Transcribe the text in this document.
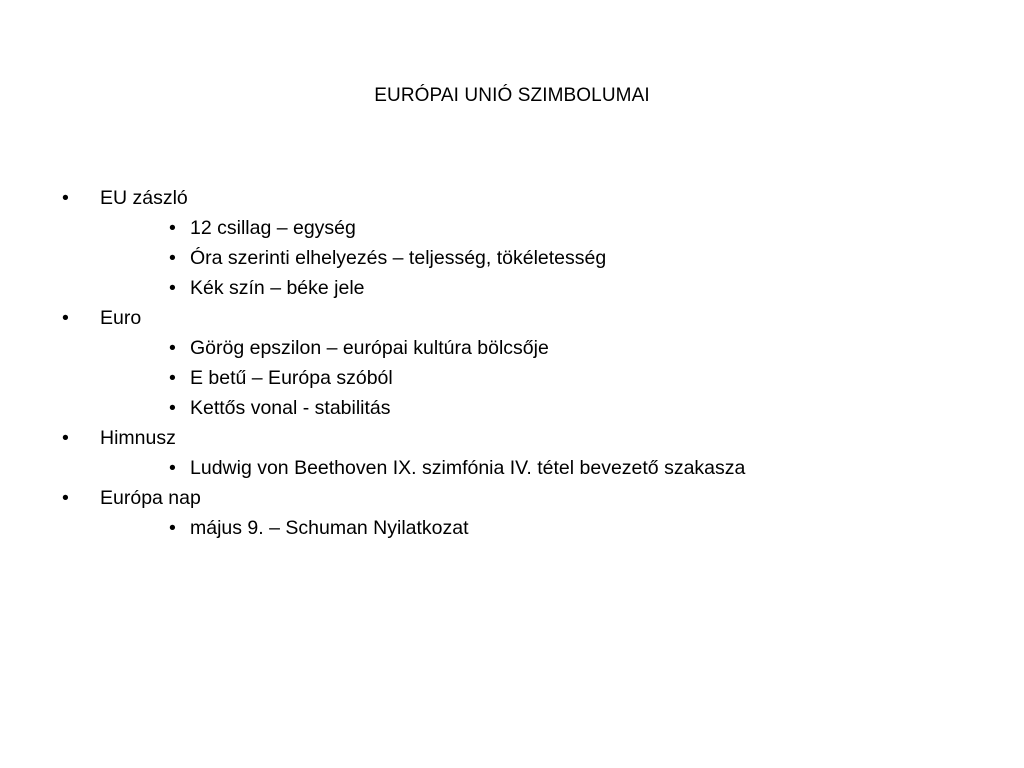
EURÓPAI UNIÓ SZIMBOLUMAI
• EU zászló
• 12 csillag – egység
• Óra szerinti elhelyezés – teljesség, tökéletesség
• Kék szín – béke jele
• Euro
• Görög epszilon – európai kultúra bölcsője
• E betű – Európa szóból
• Kettős vonal - stabilitás
• Himnusz
• Ludwig von Beethoven IX. szimfónia IV. tétel bevezető szakasza
• Európa nap
• május 9. – Schuman Nyilatkozat
